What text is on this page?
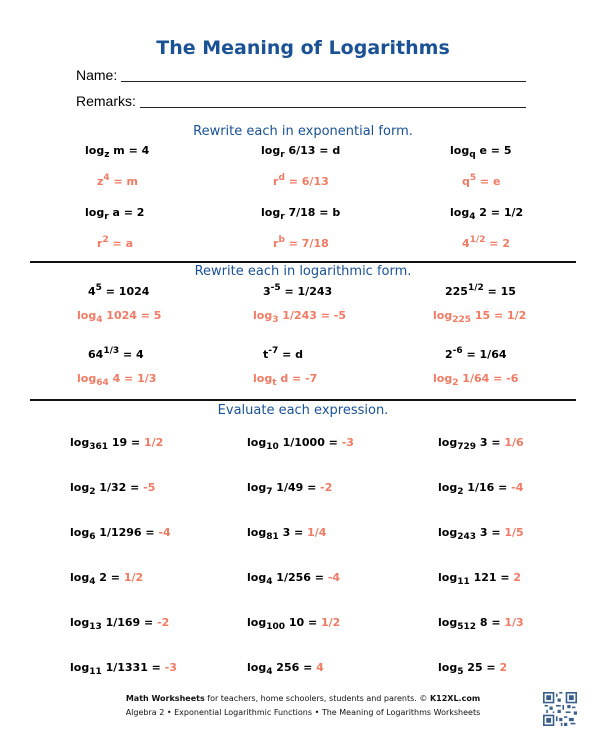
The Meaning of Logarithms
Name:
Remarks:
Rewrite each in exponential form.
$\log_z m = 4$
$z^4 = m$
$\log_r 6/13 = d$
$r^d = 6/13$
$\log_q e = 5$
$q^5 = e$
$\log_r a = 2$
$r^2 = a$
$\log_r 7/18 = b$
$r^b = 7/18$
$\log_4 2 = 1/2$
$4^{1/2} = 2$
Rewrite each in logarithmic form.
$4^5 = 1024$
$\log_4 1024 = 5$
$3^{-5} = 1/243$
$\log_3 1/243 = -5$
$225^{1/2} = 15$
$\log_{225} 15 = 1/2$
$64^{1/3} = 4$
$\log_{64} 4 = 1/3$
$t^{-7} = d$
$\log_t d = -7$
$2^{-6} = 1/64$
$\log_2 1/64 = -6$
Evaluate each expression.
$\log_{361} 19 = 1/2$	$\log_{10} 1/1000 = -3$	$\log_{729} 3 = 1/6$
$\log_2 1/32 = -5$	$\log_7 1/49 = -2$	$\log_2 1/16 = -4$
$\log_6 1/1296 = -4$	$\log_{81} 3 = 1/4$	$\log_{243} 3 = 1/5$
$\log_4 2 = 1/2$	$\log_4 1/256 = -4$	$\log_{11} 121 = 2$
$\log_{13} 1/169 = -2$	$\log_{100} 10 = 1/2$	$\log_{512} 8 = 1/3$
$\log_{11} 1/1331 = -3$	$\log_4 256 = 4$	$\log_5 25 = 2$
Math Worksheets for teachers, home schoolers, students and parents. © K12XL.com
Algebra 2 • Exponential Logarithmic Functions • The Meaning of Logarithms Worksheets
